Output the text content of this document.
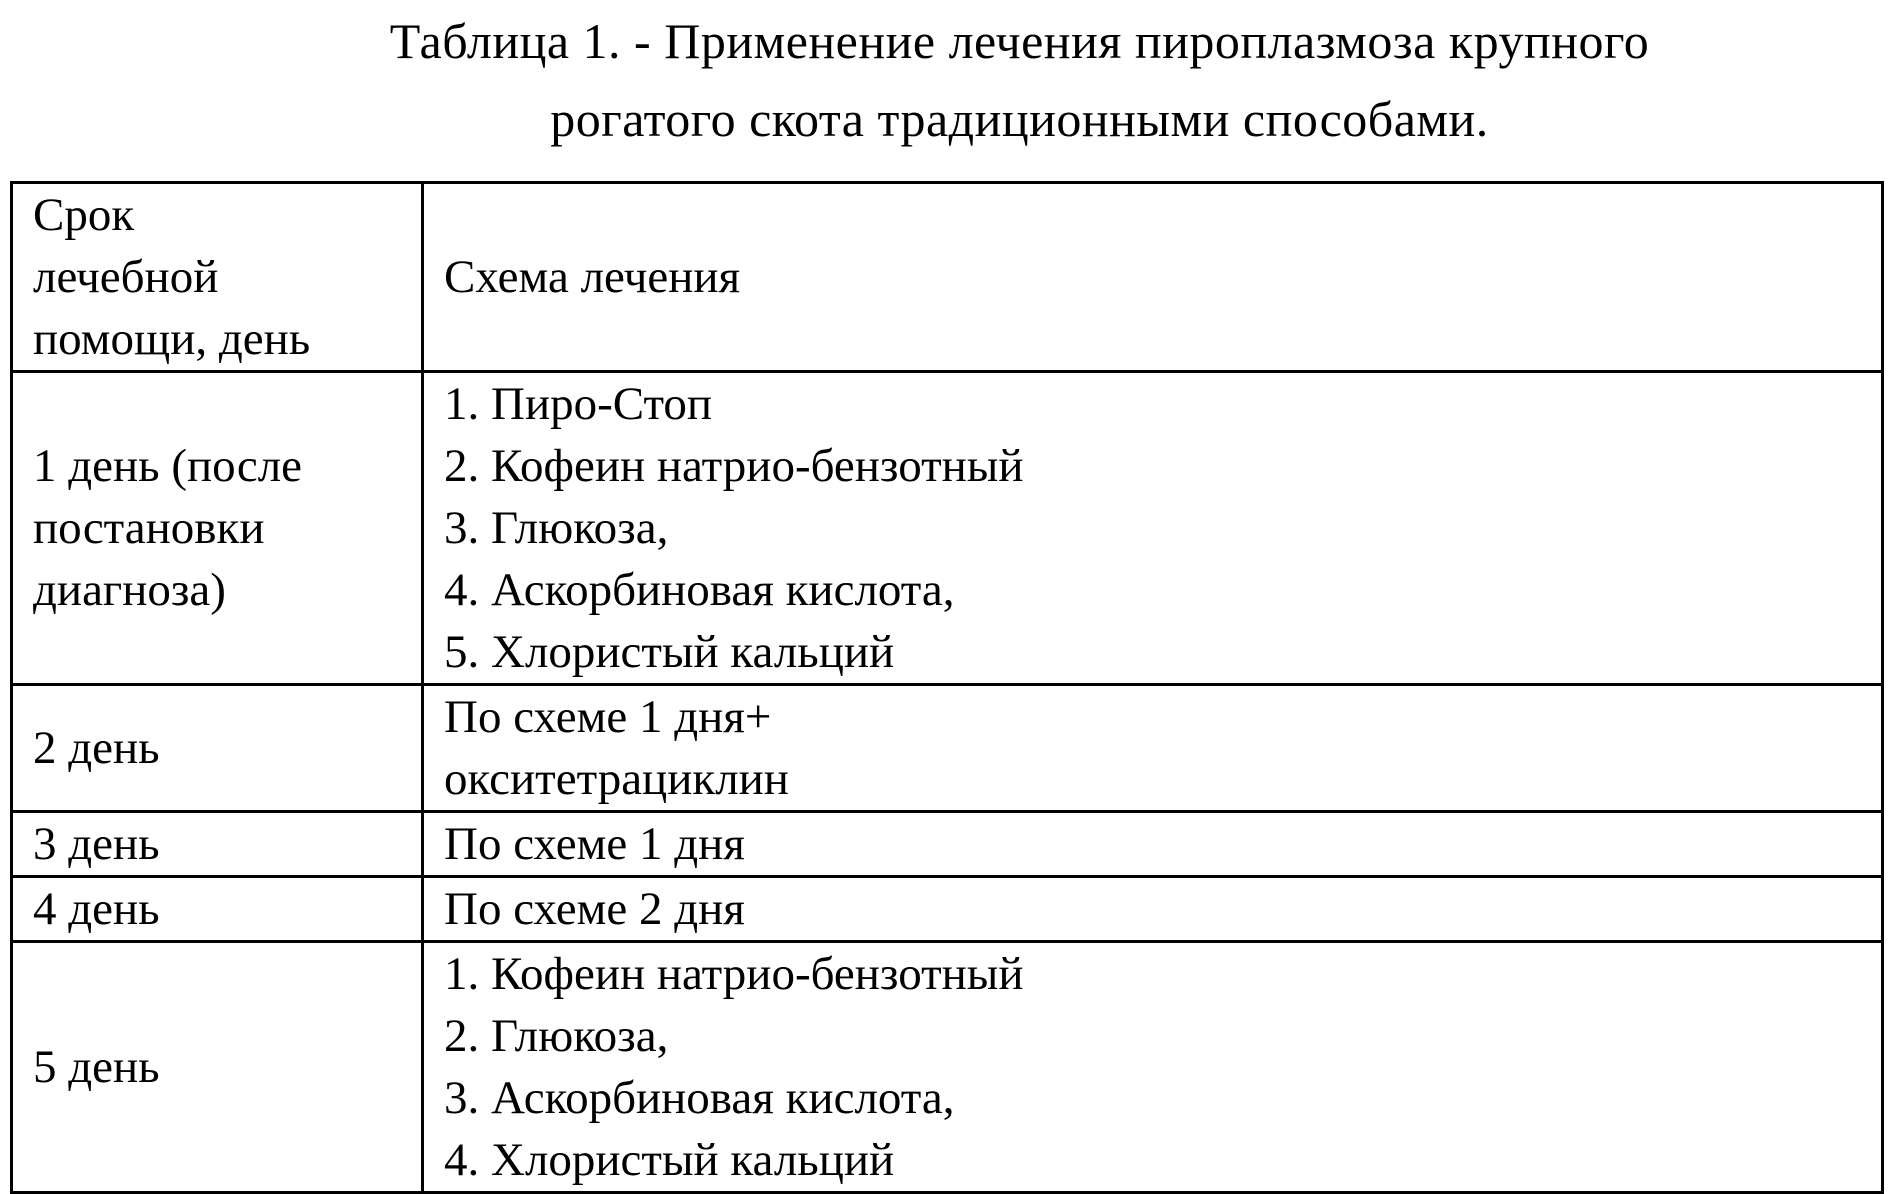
Таблица 1. - Применение лечения пироплазмоза крупного
рогатого скота традиционными способами.
Срок
лечебной
помощи, день	Схема лечения

1 день (после
постановки
диагноза)	1. Пиро-Стоп
2. Кофеин натрио-бензотный
3. Глюкоза,
4. Аскорбиновая кислота,
5. Хлористый кальций

2 день	По схеме 1 дня+
окситетрациклин

3 день	По схеме 1 дня

4 день	По схеме 2 дня

5 день	1. Кофеин натрио-бензотный
2. Глюкоза,
3. Аскорбиновая кислота,
4. Хлористый кальций
